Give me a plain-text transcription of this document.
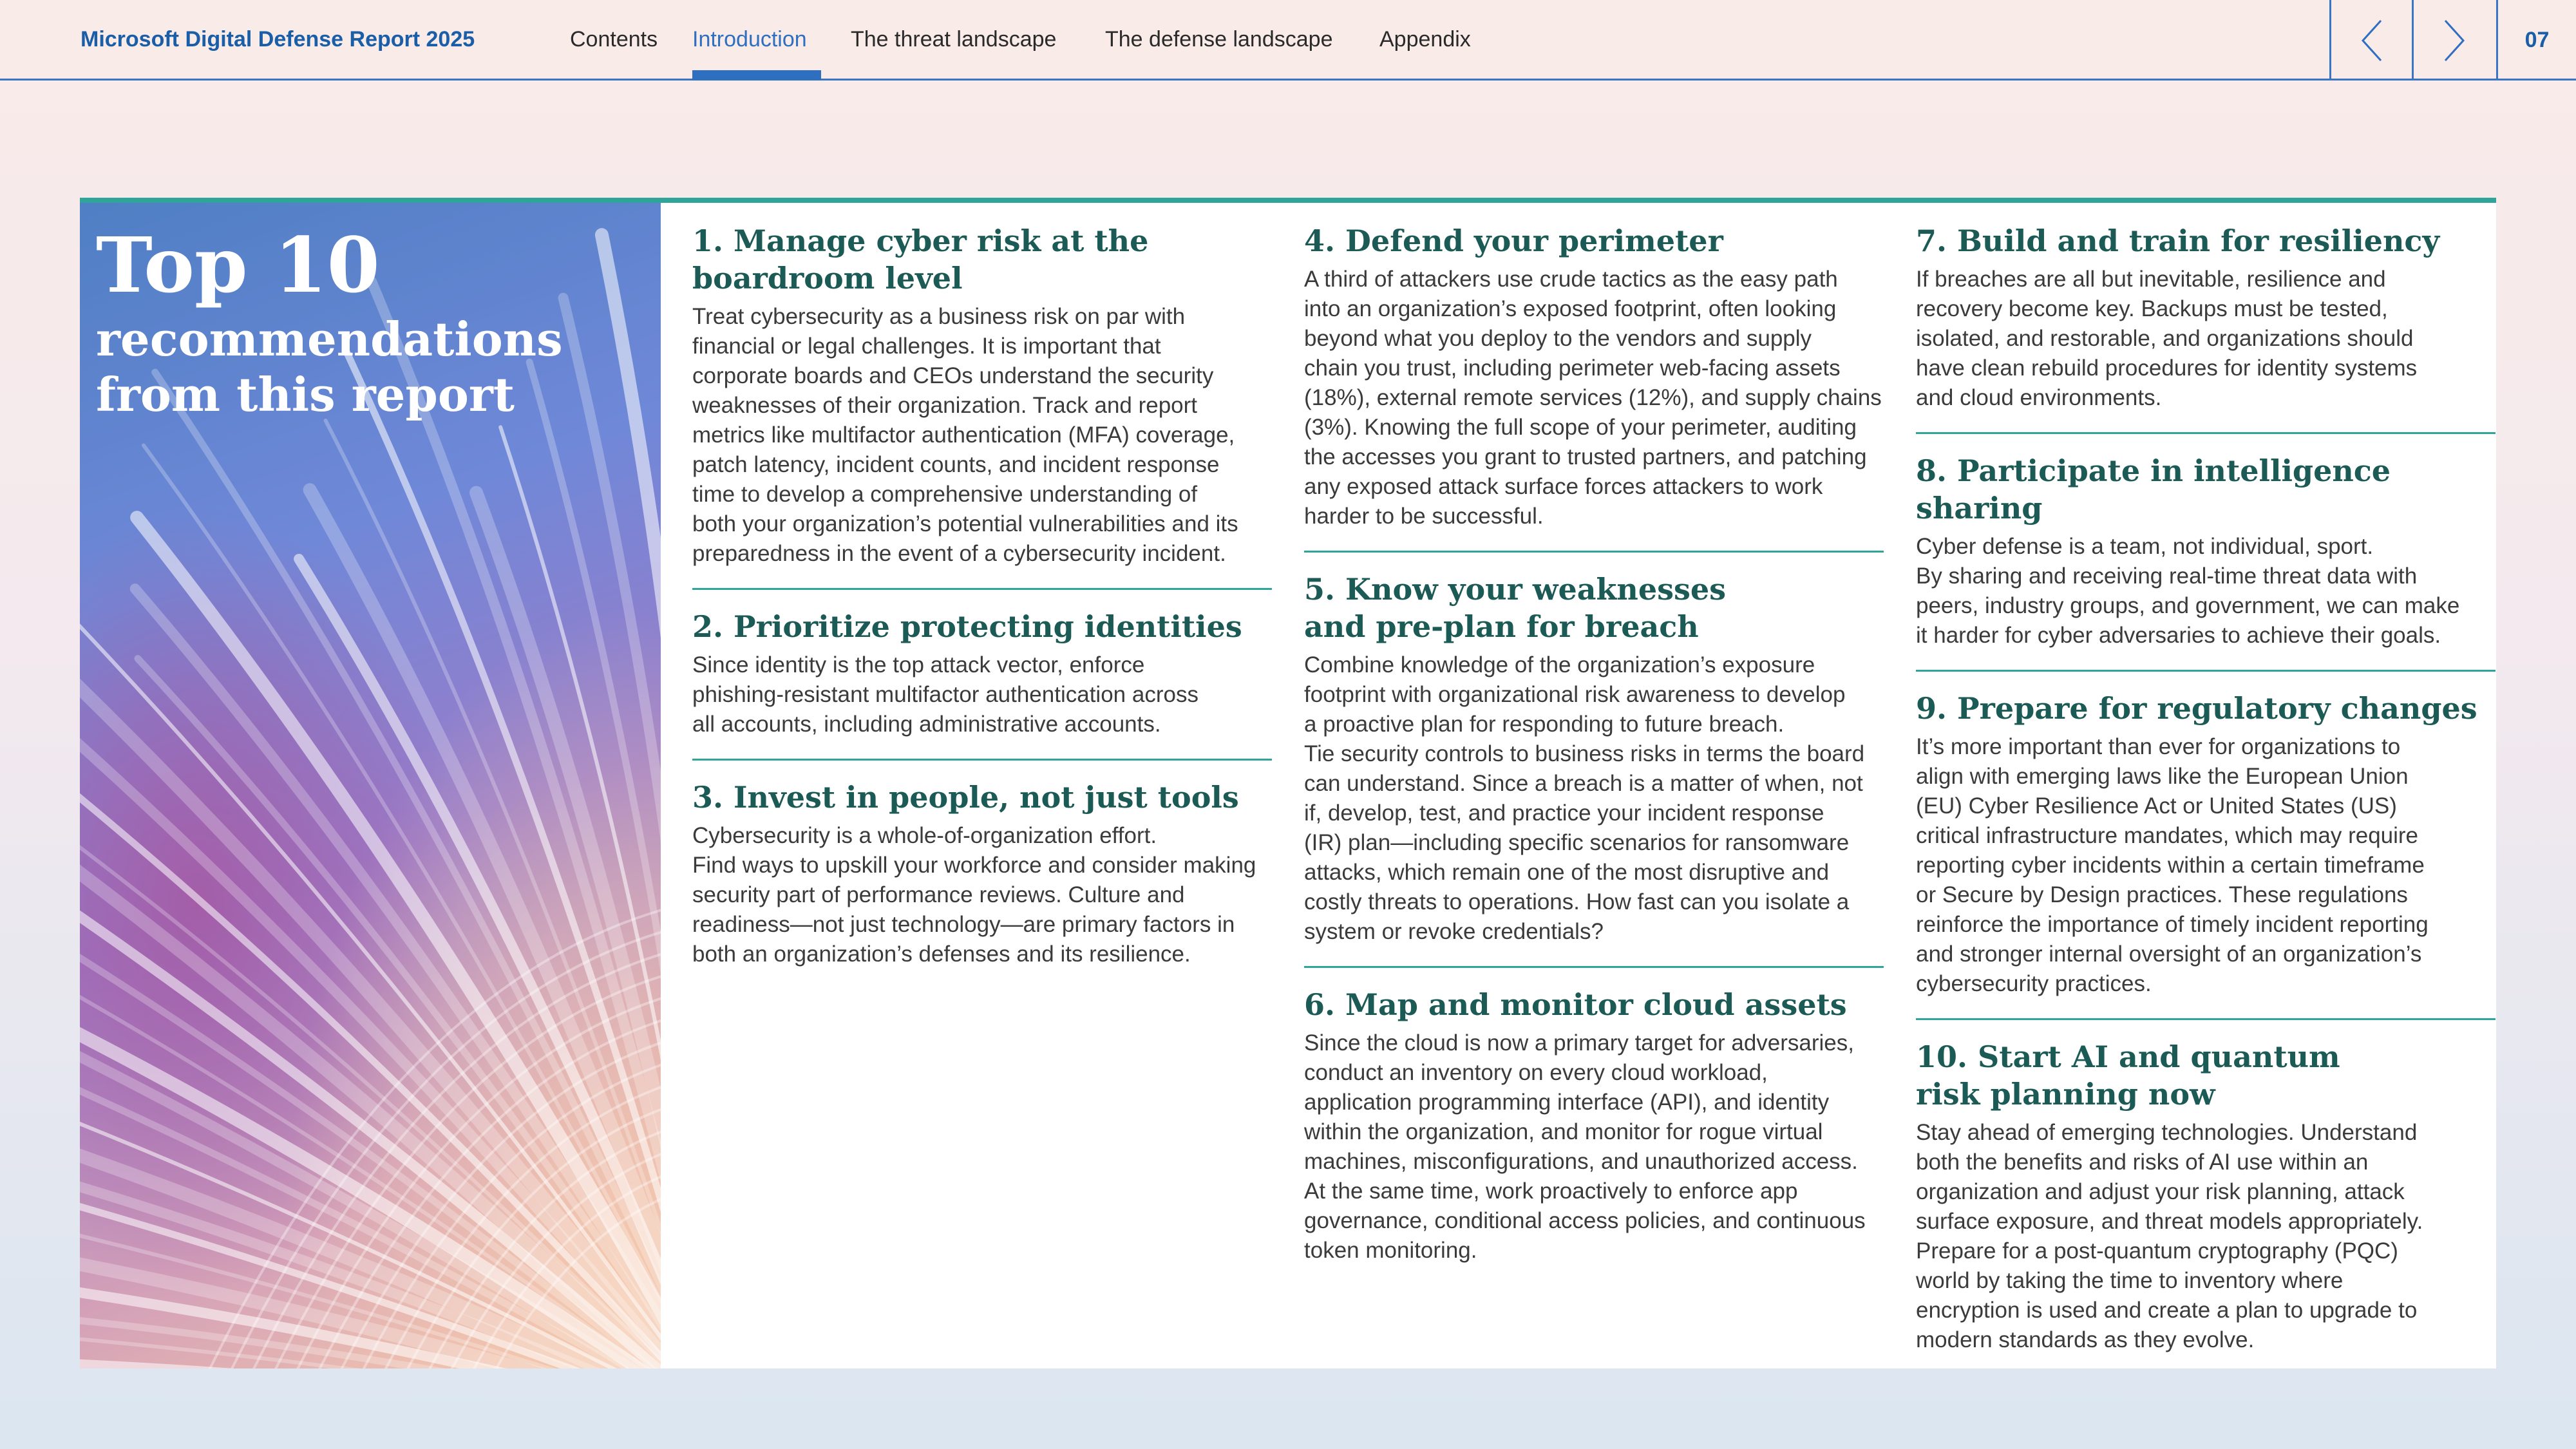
Microsoft Digital Defense Report 2025	Contents Introduction The threat landscape The defense landscape Appendix	07
Top 10
recommendations
from this report
1. Manage cyber risk at the
boardroom level

Treat cybersecurity as a business risk on par with
financial or legal challenges. It is important that
corporate boards and CEOs understand the security
weaknesses of their organization. Track and report
metrics like multifactor authentication (MFA) coverage,
patch latency, incident counts, and incident response
time to develop a comprehensive understanding of
both your organization’s potential vulnerabilities and its
preparedness in the event of a cybersecurity incident.

2. Prioritize protecting identities

Since identity is the top attack vector, enforce
phishing-resistant multifactor authentication across
all accounts, including administrative accounts.

3. Invest in people, not just tools

Cybersecurity is a whole-of-organization effort.
Find ways to upskill your workforce and consider making
security part of performance reviews. Culture and
readiness—not just technology—are primary factors in
both an organization’s defenses and its resilience.

4. Defend your perimeter

A third of attackers use crude tactics as the easy path
into an organization’s exposed footprint, often looking
beyond what you deploy to the vendors and supply
chain you trust, including perimeter web-facing assets
(18%), external remote services (12%), and supply chains
(3%). Knowing the full scope of your perimeter, auditing
the accesses you grant to trusted partners, and patching
any exposed attack surface forces attackers to work
harder to be successful.

5. Know your weaknesses
and pre-plan for breach

Combine knowledge of the organization’s exposure
footprint with organizational risk awareness to develop
a proactive plan for responding to future breach.
Tie security controls to business risks in terms the board
can understand. Since a breach is a matter of when, not
if, develop, test, and practice your incident response
(IR) plan—including specific scenarios for ransomware
attacks, which remain one of the most disruptive and
costly threats to operations. How fast can you isolate a
system or revoke credentials?

6. Map and monitor cloud assets

Since the cloud is now a primary target for adversaries,
conduct an inventory on every cloud workload,
application programming interface (API), and identity
within the organization, and monitor for rogue virtual
machines, misconfigurations, and unauthorized access.
At the same time, work proactively to enforce app
governance, conditional access policies, and continuous
token monitoring.

7. Build and train for resiliency

If breaches are all but inevitable, resilience and
recovery become key. Backups must be tested,
isolated, and restorable, and organizations should
have clean rebuild procedures for identity systems
and cloud environments.

8. Participate in intelligence sharing

Cyber defense is a team, not individual, sport.
By sharing and receiving real-time threat data with
peers, industry groups, and government, we can make
it harder for cyber adversaries to achieve their goals.

9. Prepare for regulatory changes

It’s more important than ever for organizations to
align with emerging laws like the European Union
(EU) Cyber Resilience Act or United States (US)
critical infrastructure mandates, which may require
reporting cyber incidents within a certain timeframe
or Secure by Design practices. These regulations
reinforce the importance of timely incident reporting
and stronger internal oversight of an organization’s
cybersecurity practices.

10. Start AI and quantum
risk planning now

Stay ahead of emerging technologies. Understand
both the benefits and risks of AI use within an
organization and adjust your risk planning, attack
surface exposure, and threat models appropriately.
Prepare for a post-quantum cryptography (PQC)
world by taking the time to inventory where
encryption is used and create a plan to upgrade to
modern standards as they evolve.
